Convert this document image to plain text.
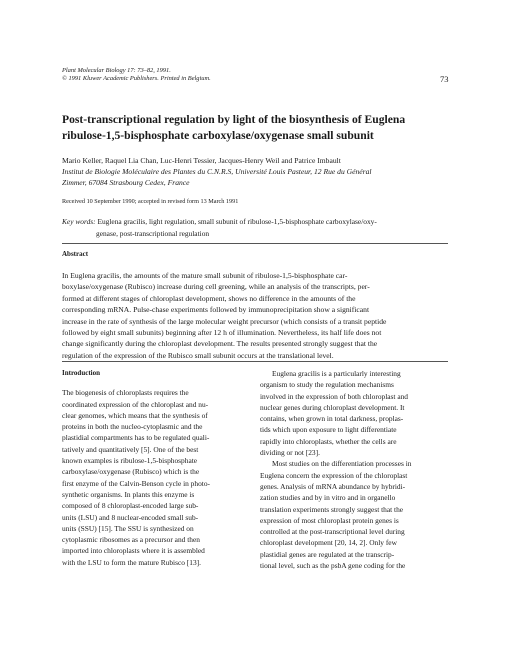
Plant Molecular Biology 17: 73–82, 1991.
© 1991 Kluwer Academic Publishers. Printed in Belgium.	73
Post-transcriptional regulation by light of the biosynthesis of Euglena
ribulose-1,5-bisphosphate carboxylase/oxygenase small subunit
Mario Keller, Raquel Lia Chan, Luc-Henri Tessier, Jacques-Henry Weil and Patrice Imbault
Institut de Biologie Moléculaire des Plantes du C.N.R.S, Université Louis Pasteur, 12 Rue du Général
Zimmer, 67084 Strasbourg Cedex, France
Received 10 September 1990; accepted in revised form 13 March 1991
Key words: Euglena gracilis, light regulation, small subunit of ribulose-1,5-bisphosphate carboxylase/oxy-
genase, post-transcriptional regulation
Abstract
In Euglena gracilis, the amounts of the mature small subunit of ribulose-1,5-bisphosphate car-
boxylase/oxygenase (Rubisco) increase during cell greening, while an analysis of the transcripts, per-
formed at different stages of chloroplast development, shows no difference in the amounts of the
corresponding mRNA. Pulse-chase experiments followed by immunoprecipitation show a significant
increase in the rate of synthesis of the large molecular weight precursor (which consists of a transit peptide
followed by eight small subunits) beginning after 12 h of illumination. Nevertheless, its half life does not
change significantly during the chloroplast development. The results presented strongly suggest that the
regulation of the expression of the Rubisco small subunit occurs at the translational level.
Introduction
The biogenesis of chloroplasts requires the
coordinated expression of the chloroplast and nu-
clear genomes, which means that the synthesis of
proteins in both the nucleo-cytoplasmic and the
plastidial compartments has to be regulated quali-
tatively and quantitatively [5]. One of the best
known examples is ribulose-1,5-bisphosphate
carboxylase/oxygenase (Rubisco) which is the
first enzyme of the Calvin-Benson cycle in photo-
synthetic organisms. In plants this enzyme is
composed of 8 chloroplast-encoded large sub-
units (LSU) and 8 nuclear-encoded small sub-
units (SSU) [15]. The SSU is synthesized on
cytoplasmic ribosomes as a precursor and then
imported into chloroplasts where it is assembled
with the LSU to form the mature Rubisco [13].
Euglena gracilis is a particularly interesting
organism to study the regulation mechanisms
involved in the expression of both chloroplast and
nuclear genes during chloroplast development. It
contains, when grown in total darkness, proplas-
tids which upon exposure to light differentiate
rapidly into chloroplasts, whether the cells are
dividing or not [23].
Most studies on the differentiation processes in
Euglena concern the expression of the chloroplast
genes. Analysis of mRNA abundance by hybridi-
zation studies and by in vitro and in organello
translation experiments strongly suggest that the
expression of most chloroplast protein genes is
controlled at the post-transcriptional level during
chloroplast development [20, 14, 2]. Only few
plastidial genes are regulated at the transcrip-
tional level, such as the psbA gene coding for the
